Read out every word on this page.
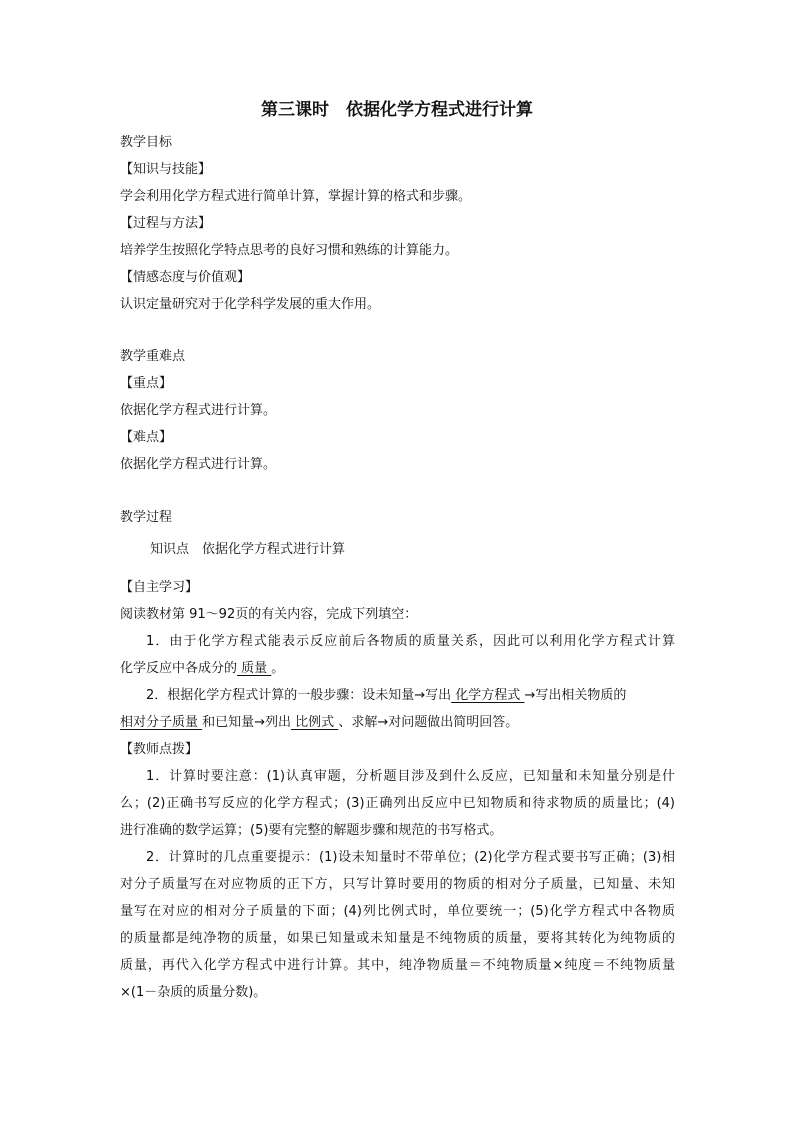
第三课时　依据化学方程式进行计算
教学目标
【知识与技能】
学会利用化学方程式进行简单计算，掌握计算的格式和步骤。
【过程与方法】
培养学生按照化学特点思考的良好习惯和熟练的计算能力。
【情感态度与价值观】
认识定量研究对于化学科学发展的重大作用。
教学重难点
【重点】
依据化学方程式进行计算。
【难点】
依据化学方程式进行计算。
教学过程
知识点　依据化学方程式进行计算
【自主学习】
阅读教材第 91～92页的有关内容，完成下列填空：
1．由于化学方程式能表示反应前后各物质的质量关系，因此可以利用化学方程式计算
化学反应中各成分的 质量 。
2．根据化学方程式计算的一般步骤：设未知量→写出 化学方程式 →写出相关物质的
相对分子质量 和已知量→列出 比例式 、求解→对问题做出简明回答。
【教师点拨】
1．计算时要注意：(1)认真审题，分析题目涉及到什么反应，已知量和未知量分别是什
么；(2)正确书写反应的化学方程式；(3)正确列出反应中已知物质和待求物质的质量比；(4)
进行准确的数学运算；(5)要有完整的解题步骤和规范的书写格式。
2．计算时的几点重要提示：(1)设未知量时不带单位；(2)化学方程式要书写正确；(3)相
对分子质量写在对应物质的正下方，只写计算时要用的物质的相对分子质量，已知量、未知
量写在对应的相对分子质量的下面；(4)列比例式时，单位要统一；(5)化学方程式中各物质
的质量都是纯净物的质量，如果已知量或未知量是不纯物质的质量，要将其转化为纯物质的
质量，再代入化学方程式中进行计算。其中，纯净物质量＝不纯物质量×纯度＝不纯物质量
×(1－杂质的质量分数)。
